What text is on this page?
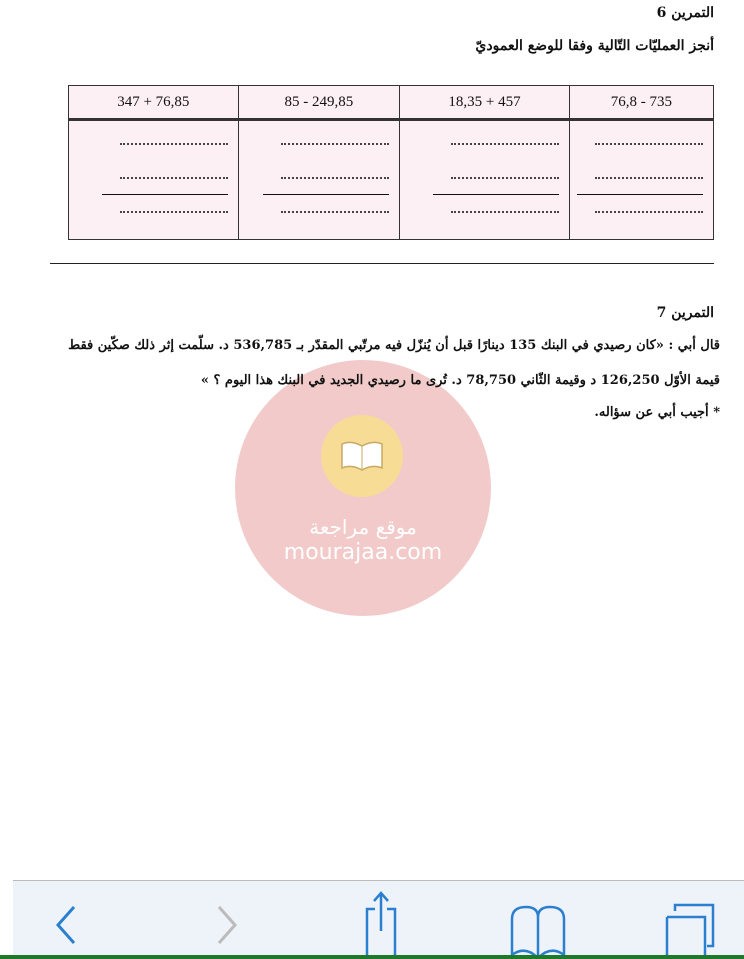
التمرين 6
أنجز العمليّات التّالية وفقا للوضع العموديّ
347 + 76,85	85 - 249,85	18,35 + 457	76,8 - 735

التمرين 7
قال أبي : «كان رصيدي في البنك 135 دينارًا قبل أن يُنزّل فيه مرتّبي المقدّر بـ 536,785 د. سلّمت إثر ذلك صكّين فقط
قيمة الأوّل 126,250 د وقيمة الثّاني 78,750 د. تُرى ما رصيدي الجديد في البنك هذا اليوم ؟ »
* أجيب أبي عن سؤاله.
موقع مراجعة
mourajaa.com
